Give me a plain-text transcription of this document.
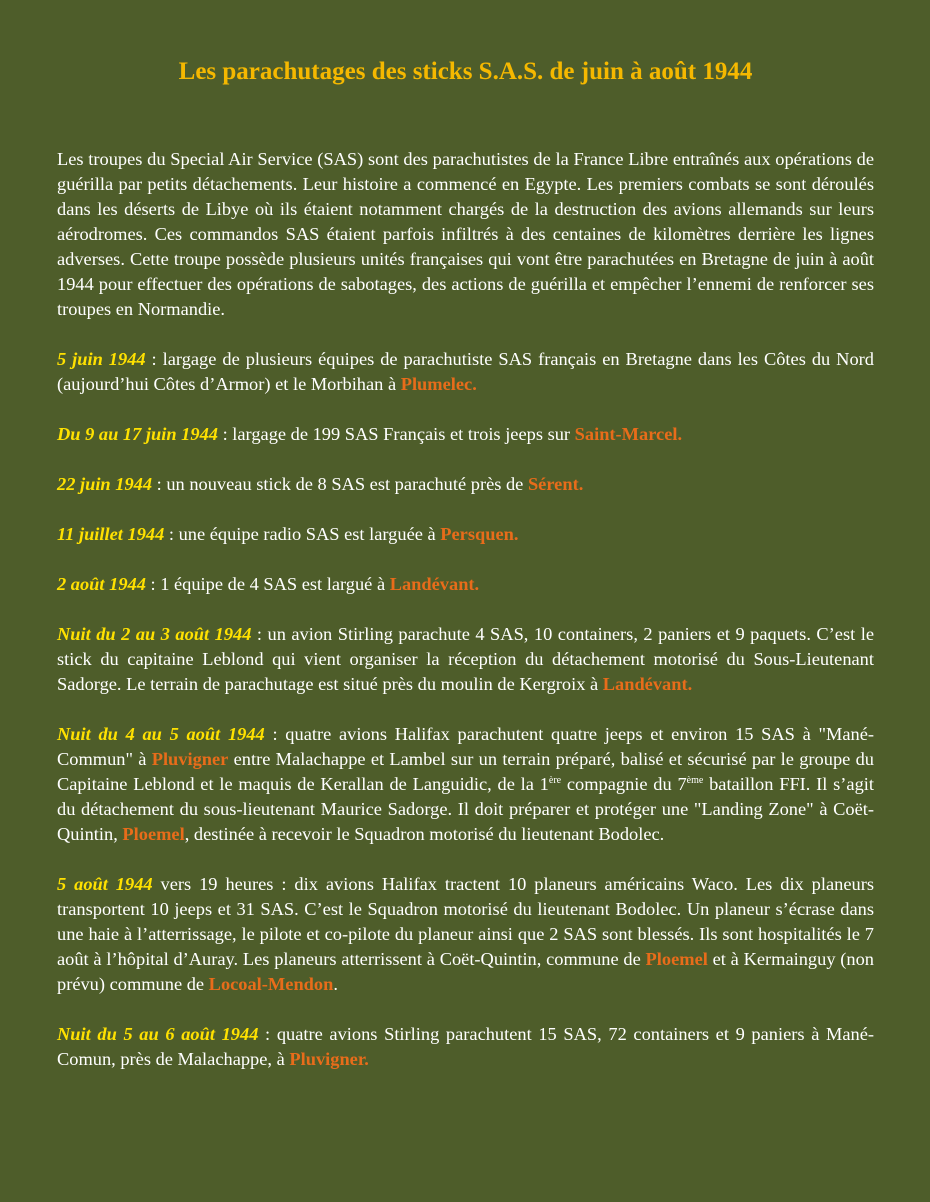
Les parachutages des sticks S.A.S. de juin à août 1944

Les troupes du Special Air Service (SAS) sont des parachutistes de la France Libre entraînés aux opérations de guérilla par petits détachements. Leur histoire a commencé en Egypte. Les premiers combats se sont déroulés dans les déserts de Libye où ils étaient notamment chargés de la destruction des avions allemands sur leurs aérodromes. Ces commandos SAS étaient parfois infiltrés à des centaines de kilomètres derrière les lignes adverses. Cette troupe possède plusieurs unités françaises qui vont être parachutées en Bretagne de juin à août 1944 pour effectuer des opérations de sabotages, des actions de guérilla et empêcher l’ennemi de renforcer ses troupes en Normandie.

5 juin 1944 : largage de plusieurs équipes de parachutiste SAS français en Bretagne dans les Côtes du Nord (aujourd’hui Côtes d’Armor) et le Morbihan à Plumelec.

Du 9 au 17 juin 1944 : largage de 199 SAS Français et trois jeeps sur Saint-Marcel.

22 juin 1944 : un nouveau stick de 8 SAS est parachuté près de Sérent.

11 juillet 1944 : une équipe radio SAS est larguée à Persquen.

2 août 1944 : 1 équipe de 4 SAS est largué à Landévant.

Nuit du 2 au 3 août 1944 : un avion Stirling parachute 4 SAS, 10 containers, 2 paniers et 9 paquets. C’est le stick du capitaine Leblond qui vient organiser la réception du détachement motorisé du Sous-Lieutenant Sadorge. Le terrain de parachutage est situé près du moulin de Kergroix à Landévant.

Nuit du 4 au 5 août 1944 : quatre avions Halifax parachutent quatre jeeps et environ 15 SAS à "Mané-Commun" à Pluvigner entre Malachappe et Lambel sur un terrain préparé, balisé et sécurisé par le groupe du Capitaine Leblond et le maquis de Kerallan de Languidic, de la 1ère compagnie du 7ème bataillon FFI. Il s’agit du détachement du sous-lieutenant Maurice Sadorge. Il doit préparer et protéger une "Landing Zone" à Coët-Quintin, Ploemel, destinée à recevoir le Squadron motorisé du lieutenant Bodolec.

5 août 1944 vers 19 heures : dix avions Halifax tractent 10 planeurs américains Waco. Les dix planeurs transportent 10 jeeps et 31 SAS. C’est le Squadron motorisé du lieutenant Bodolec. Un planeur s’écrase dans une haie à l’atterrissage, le pilote et co-pilote du planeur ainsi que 2 SAS sont blessés. Ils sont hospitalités le 7 août à l’hôpital d’Auray. Les planeurs atterrissent à Coët-Quintin, commune de Ploemel et à Kermainguy (non prévu) commune de Locoal-Mendon.

Nuit du 5 au 6 août 1944 : quatre avions Stirling parachutent 15 SAS, 72 containers et 9 paniers à Mané-Comun, près de Malachappe, à Pluvigner.
